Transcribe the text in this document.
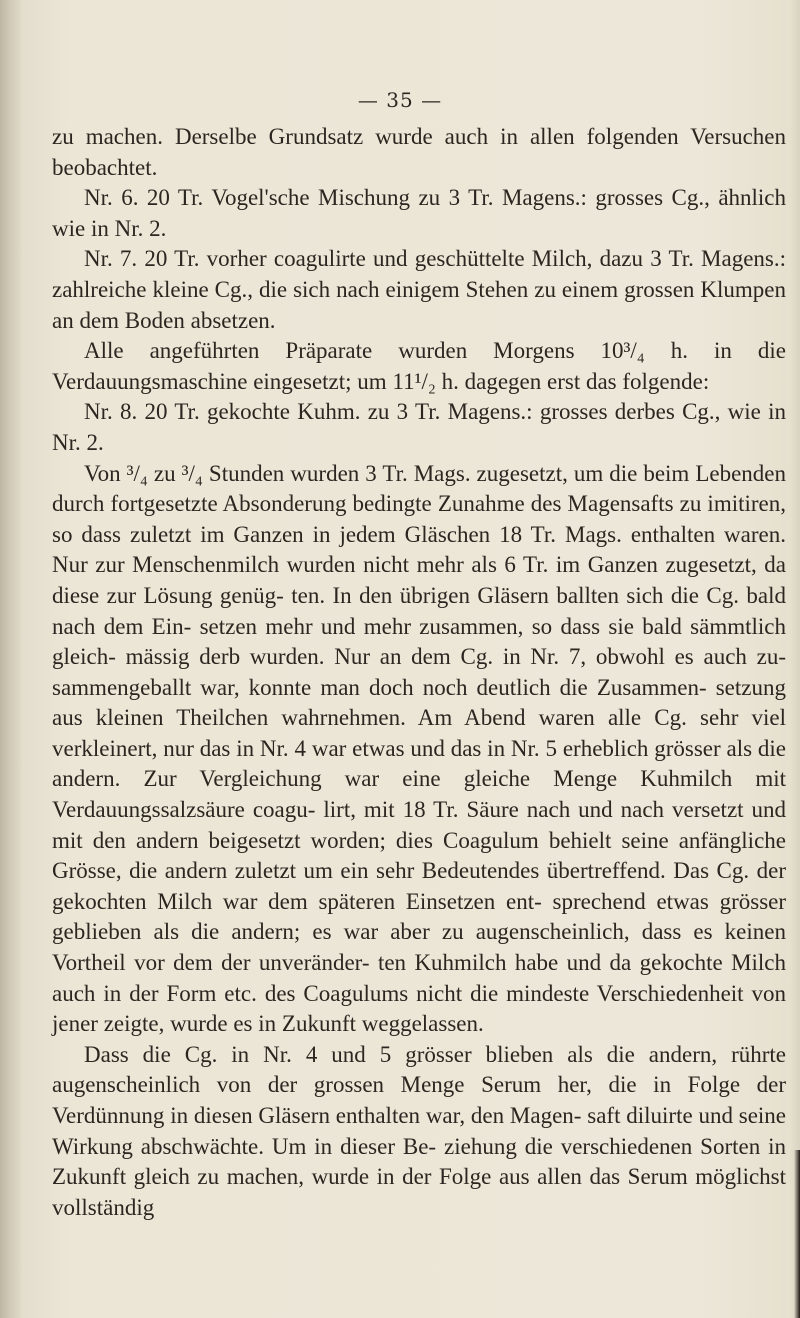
— 35 —

zu machen. Derselbe Grundsatz wurde auch in allen folgenden Versuchen beobachtet.

Nr. 6. 20 Tr. Vogel'sche Mischung zu 3 Tr. Magens.: grosses Cg., ähnlich wie in Nr. 2.

Nr. 7. 20 Tr. vorher coagulirte und geschüttelte Milch, dazu 3 Tr. Magens.: zahlreiche kleine Cg., die sich nach einigem Stehen zu einem grossen Klumpen an dem Boden absetzen.

Alle angeführten Präparate wurden Morgens 10³/₄ h. in die Verdauungsmaschine eingesetzt; um 11¹/₂ h. dagegen erst das folgende:

Nr. 8. 20 Tr. gekochte Kuhm. zu 3 Tr. Magens.: grosses derbes Cg., wie in Nr. 2.

Von ³/₄ zu ³/₄ Stunden wurden 3 Tr. Mags. zugesetzt, um die beim Lebenden durch fortgesetzte Absonderung bedingte Zunahme des Magensafts zu imitiren, so dass zuletzt im Ganzen in jedem Gläschen 18 Tr. Mags. enthalten waren. Nur zur Menschenmilch wurden nicht mehr als 6 Tr. im Ganzen zugesetzt, da diese zur Lösung genüg- ten. In den übrigen Gläsern ballten sich die Cg. bald nach dem Ein- setzen mehr und mehr zusammen, so dass sie bald sämmtlich gleich- mässig derb wurden. Nur an dem Cg. in Nr. 7, obwohl es auch zu- sammengeballt war, konnte man doch noch deutlich die Zusammen- setzung aus kleinen Theilchen wahrnehmen. Am Abend waren alle Cg. sehr viel verkleinert, nur das in Nr. 4 war etwas und das in Nr. 5 erheblich grösser als die andern. Zur Vergleichung war eine gleiche Menge Kuhmilch mit Verdauungssalzsäure coagu- lirt, mit 18 Tr. Säure nach und nach versetzt und mit den andern beigesetzt worden; dies Coagulum behielt seine anfängliche Grösse, die andern zuletzt um ein sehr Bedeutendes übertreffend. Das Cg. der gekochten Milch war dem späteren Einsetzen ent- sprechend etwas grösser geblieben als die andern; es war aber zu augenscheinlich, dass es keinen Vortheil vor dem der unveränder- ten Kuhmilch habe und da gekochte Milch auch in der Form etc. des Coagulums nicht die mindeste Verschiedenheit von jener zeigte, wurde es in Zukunft weggelassen.

Dass die Cg. in Nr. 4 und 5 grösser blieben als die andern, rührte augenscheinlich von der grossen Menge Serum her, die in Folge der Verdünnung in diesen Gläsern enthalten war, den Magen- saft diluirte und seine Wirkung abschwächte. Um in dieser Be- ziehung die verschiedenen Sorten in Zukunft gleich zu machen, wurde in der Folge aus allen das Serum möglichst vollständig
